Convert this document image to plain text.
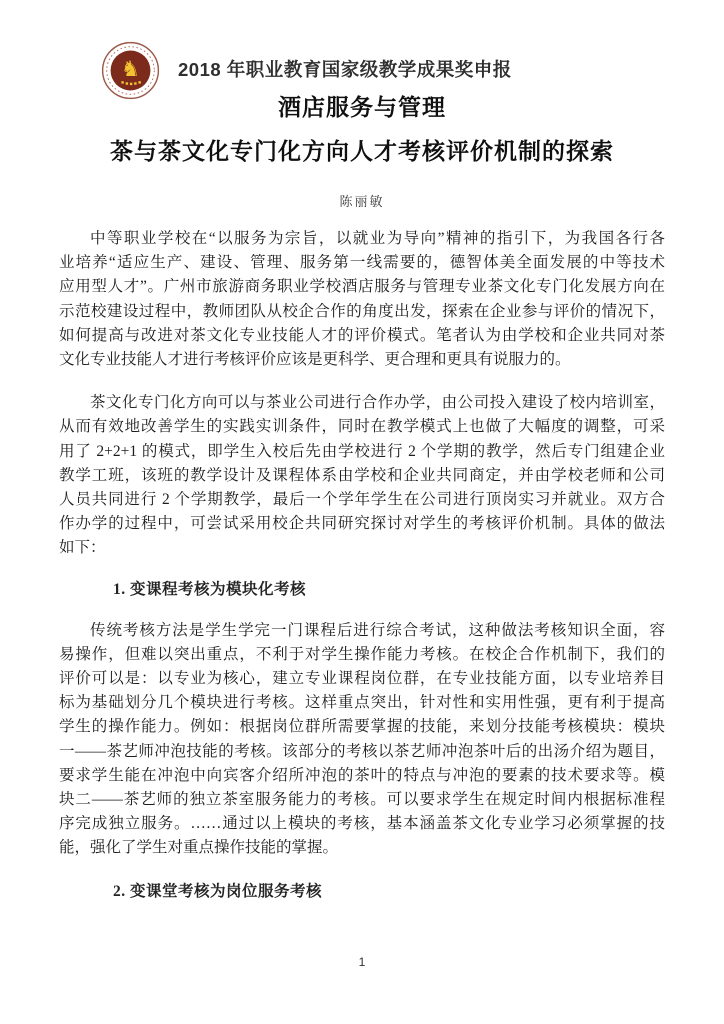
♞ 2018 年职业教育国家级教学成果奖申报
酒店服务与管理
茶与茶文化专门化方向人才考核评价机制的探索
陈丽敏
中等职业学校在“以服务为宗旨，以就业为导向”精神的指引下，为我国各行各
业培养“适应生产、建设、管理、服务第一线需要的，德智体美全面发展的中等技术
应用型人才”。广州市旅游商务职业学校酒店服务与管理专业茶文化专门化发展方向在
示范校建设过程中，教师团队从校企合作的角度出发，探索在企业参与评价的情况下，
如何提高与改进对茶文化专业技能人才的评价模式。笔者认为由学校和企业共同对茶
文化专业技能人才进行考核评价应该是更科学、更合理和更具有说服力的。
茶文化专门化方向可以与茶业公司进行合作办学，由公司投入建设了校内培训室，
从而有效地改善学生的实践实训条件，同时在教学模式上也做了大幅度的调整，可采
用了 2+2+1 的模式，即学生入校后先由学校进行 2 个学期的教学，然后专门组建企业
教学工班，该班的教学设计及课程体系由学校和企业共同商定，并由学校老师和公司
人员共同进行 2 个学期教学，最后一个学年学生在公司进行顶岗实习并就业。双方合
作办学的过程中，可尝试采用校企共同研究探讨对学生的考核评价机制。具体的做法
如下：
1. 变课程考核为模块化考核
传统考核方法是学生学完一门课程后进行综合考试，这种做法考核知识全面，容
易操作，但难以突出重点，不利于对学生操作能力考核。在校企合作机制下，我们的
评价可以是：以专业为核心，建立专业课程岗位群，在专业技能方面，以专业培养目
标为基础划分几个模块进行考核。这样重点突出，针对性和实用性强，更有利于提高
学生的操作能力。例如：根据岗位群所需要掌握的技能，来划分技能考核模块：模块
一——茶艺师冲泡技能的考核。该部分的考核以茶艺师冲泡茶叶后的出汤介绍为题目，
要求学生能在冲泡中向宾客介绍所冲泡的茶叶的特点与冲泡的要素的技术要求等。模
块二——茶艺师的独立茶室服务能力的考核。可以要求学生在规定时间内根据标准程
序完成独立服务。……通过以上模块的考核，基本涵盖茶文化专业学习必须掌握的技
能，强化了学生对重点操作技能的掌握。
2. 变课堂考核为岗位服务考核
1
